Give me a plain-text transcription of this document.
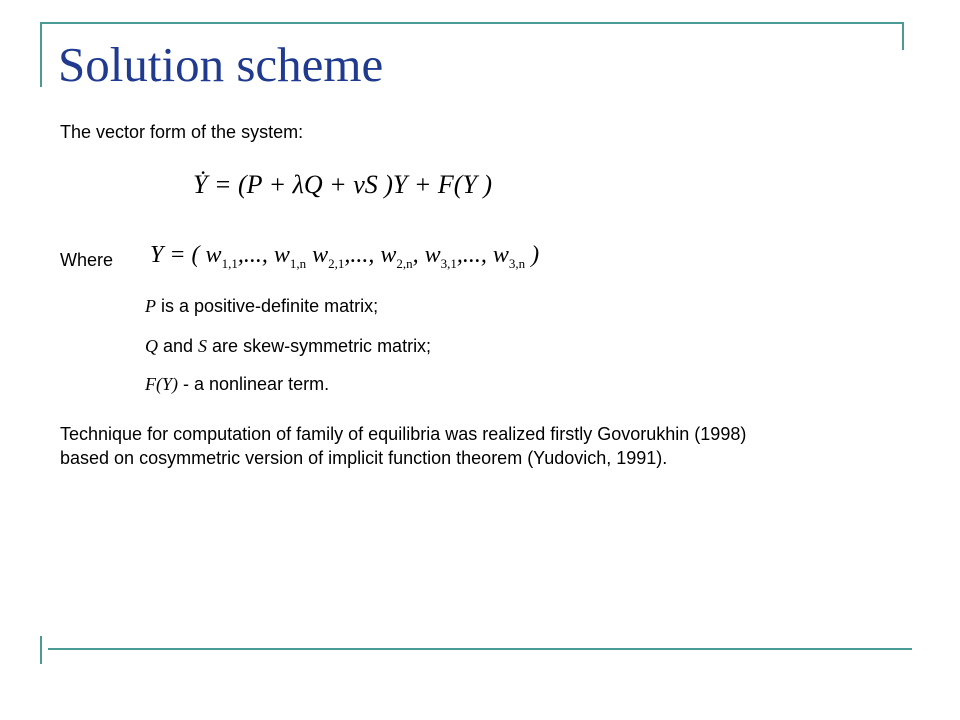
Solution scheme
The vector form of the system:
Ẏ = (P + λQ + νS )Y + F(Y )
Where Y = ( $w_{1,1}$,..., $w_{1,n}$ $w_{2,1}$,..., $w_{2,n}$, $w_{3,1}$,..., $w_{3,n}$ )
P is a positive-definite matrix;
Q and S are skew-symmetric matrix;
F(Y) - a nonlinear term.
Technique for computation of family of equilibria was realized firstly Govorukhin (1998) based on cosymmetric version of implicit function theorem (Yudovich, 1991).
